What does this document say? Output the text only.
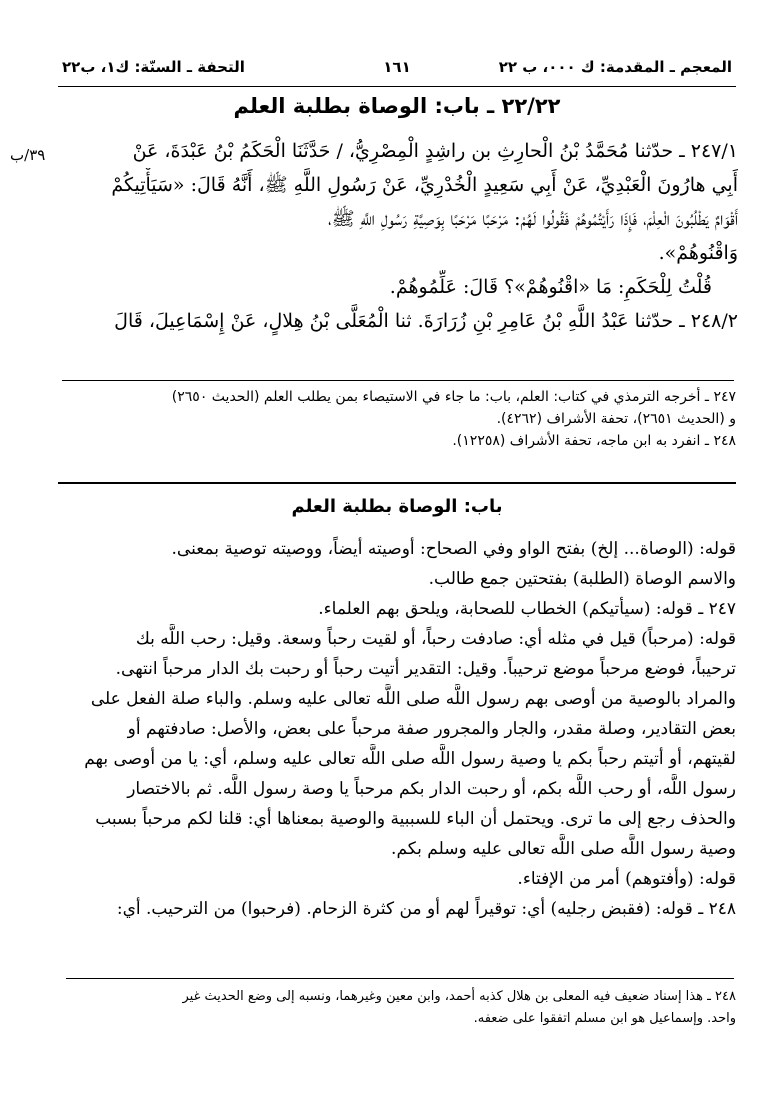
المعجم ـ المقدمة: ك ٠٠٠، ب ٢٢
١٦١
التحفة ـ السنّة: ك١، ب٢٢
٢٢/٢٢ ـ باب: الوصاة بطلبة العلم
٣٩/ب	٢٤٧/١ ـ حدّثنا مُحَمَّدُ بْنُ الْحارِثِ بن راشِدٍ الْمِصْرِيُّ، / حَدَّثَنَا الْحَكَمُ بْنُ عَبْدَةَ، عَنْ
أَبِي هارُونَ الْعَبْدِيِّ، عَنْ أَبِي سَعِيدٍ الْخُدْرِيِّ، عَنْ رَسُولِ اللَّهِ ﷺ، أَنَّهُ قَالَ: «سَيَأْتِيكُمْ
أَقْوَامٌ يَطْلُبُونَ الْعِلْمَ، فَإِذَا رَأَيْتُمُوهُمْ فَقُولُوا لَهُمْ: مَرْحَبًا مَرْحَبًا بِوَصِيَّةِ رَسُولِ اللَّهِ ﷺ،
وَاقْنُوهُمْ».
قُلْتُ لِلْحَكَمِ: مَا «اقْنُوهُمْ»؟ قَالَ: عَلِّمُوهُمْ.
٢٤٨/٢ ـ حدّثنا عَبْدُ اللَّهِ بْنُ عَامِرِ بْنِ زُرَارَةَ. ثنا الْمُعَلَّى بْنُ هِلالٍ، عَنْ إِسْمَاعِيلَ، قَالَ
٢٤٧ ـ أخرجه الترمذي في كتاب: العلم، باب: ما جاء في الاستيصاء بمن يطلب العلم (الحديث ٢٦٥٠)
و (الحديث ٢٦٥١)، تحفة الأشراف (٤٢٦٢).
٢٤٨ ـ انفرد به ابن ماجه، تحفة الأشراف (١٢٢٥٨).
باب: الوصاة بطلبة العلم
قوله: (الوصاة... إلخ) بفتح الواو وفي الصحاح: أوصيته أيضاً، ووصيته توصية بمعنى.
والاسم الوصاة (الطلبة) بفتحتين جمع طالب.
٢٤٧ ـ قوله: (سيأتيكم) الخطاب للصحابة، ويلحق بهم العلماء.
قوله: (مرحباً) قيل في مثله أي: صادفت رحباً، أو لقيت رحباً وسعة. وقيل: رحب اللَّه بك
ترحيباً، فوضع مرحباً موضع ترحيباً. وقيل: التقدير أتيت رحباً أو رحبت بك الدار مرحباً انتهى.
والمراد بالوصية من أوصى بهم رسول اللَّه صلى اللَّه تعالى عليه وسلم. والباء صلة الفعل على
بعض التقادير، وصلة مقدر، والجار والمجرور صفة مرحباً على بعض، والأصل: صادفتهم أو
لقيتهم، أو أتيتم رحباً بكم يا وصية رسول اللَّه صلى اللَّه تعالى عليه وسلم، أي: يا من أوصى بهم
رسول اللَّه، أو رحب اللَّه بكم، أو رحبت الدار بكم مرحباً يا وصة رسول اللَّه. ثم بالاختصار
والحذف رجع إلى ما ترى. ويحتمل أن الباء للسببية والوصية بمعناها أي: قلنا لكم مرحباً بسبب
وصية رسول اللَّه صلى اللَّه تعالى عليه وسلم بكم.
قوله: (وأفتوهم) أمر من الإفتاء.
٢٤٨ ـ قوله: (فقبض رجليه) أي: توقيراً لهم أو من كثرة الزحام. (فرحبوا) من الترحيب. أي:
٢٤٨ ـ هذا إسناد ضعيف فيه المعلى بن هلال كذبه أحمد، وابن معين وغيرهما، ونسبه إلى وضع الحديث غير
واحد. وإسماعيل هو ابن مسلم اتفقوا على ضعفه.
